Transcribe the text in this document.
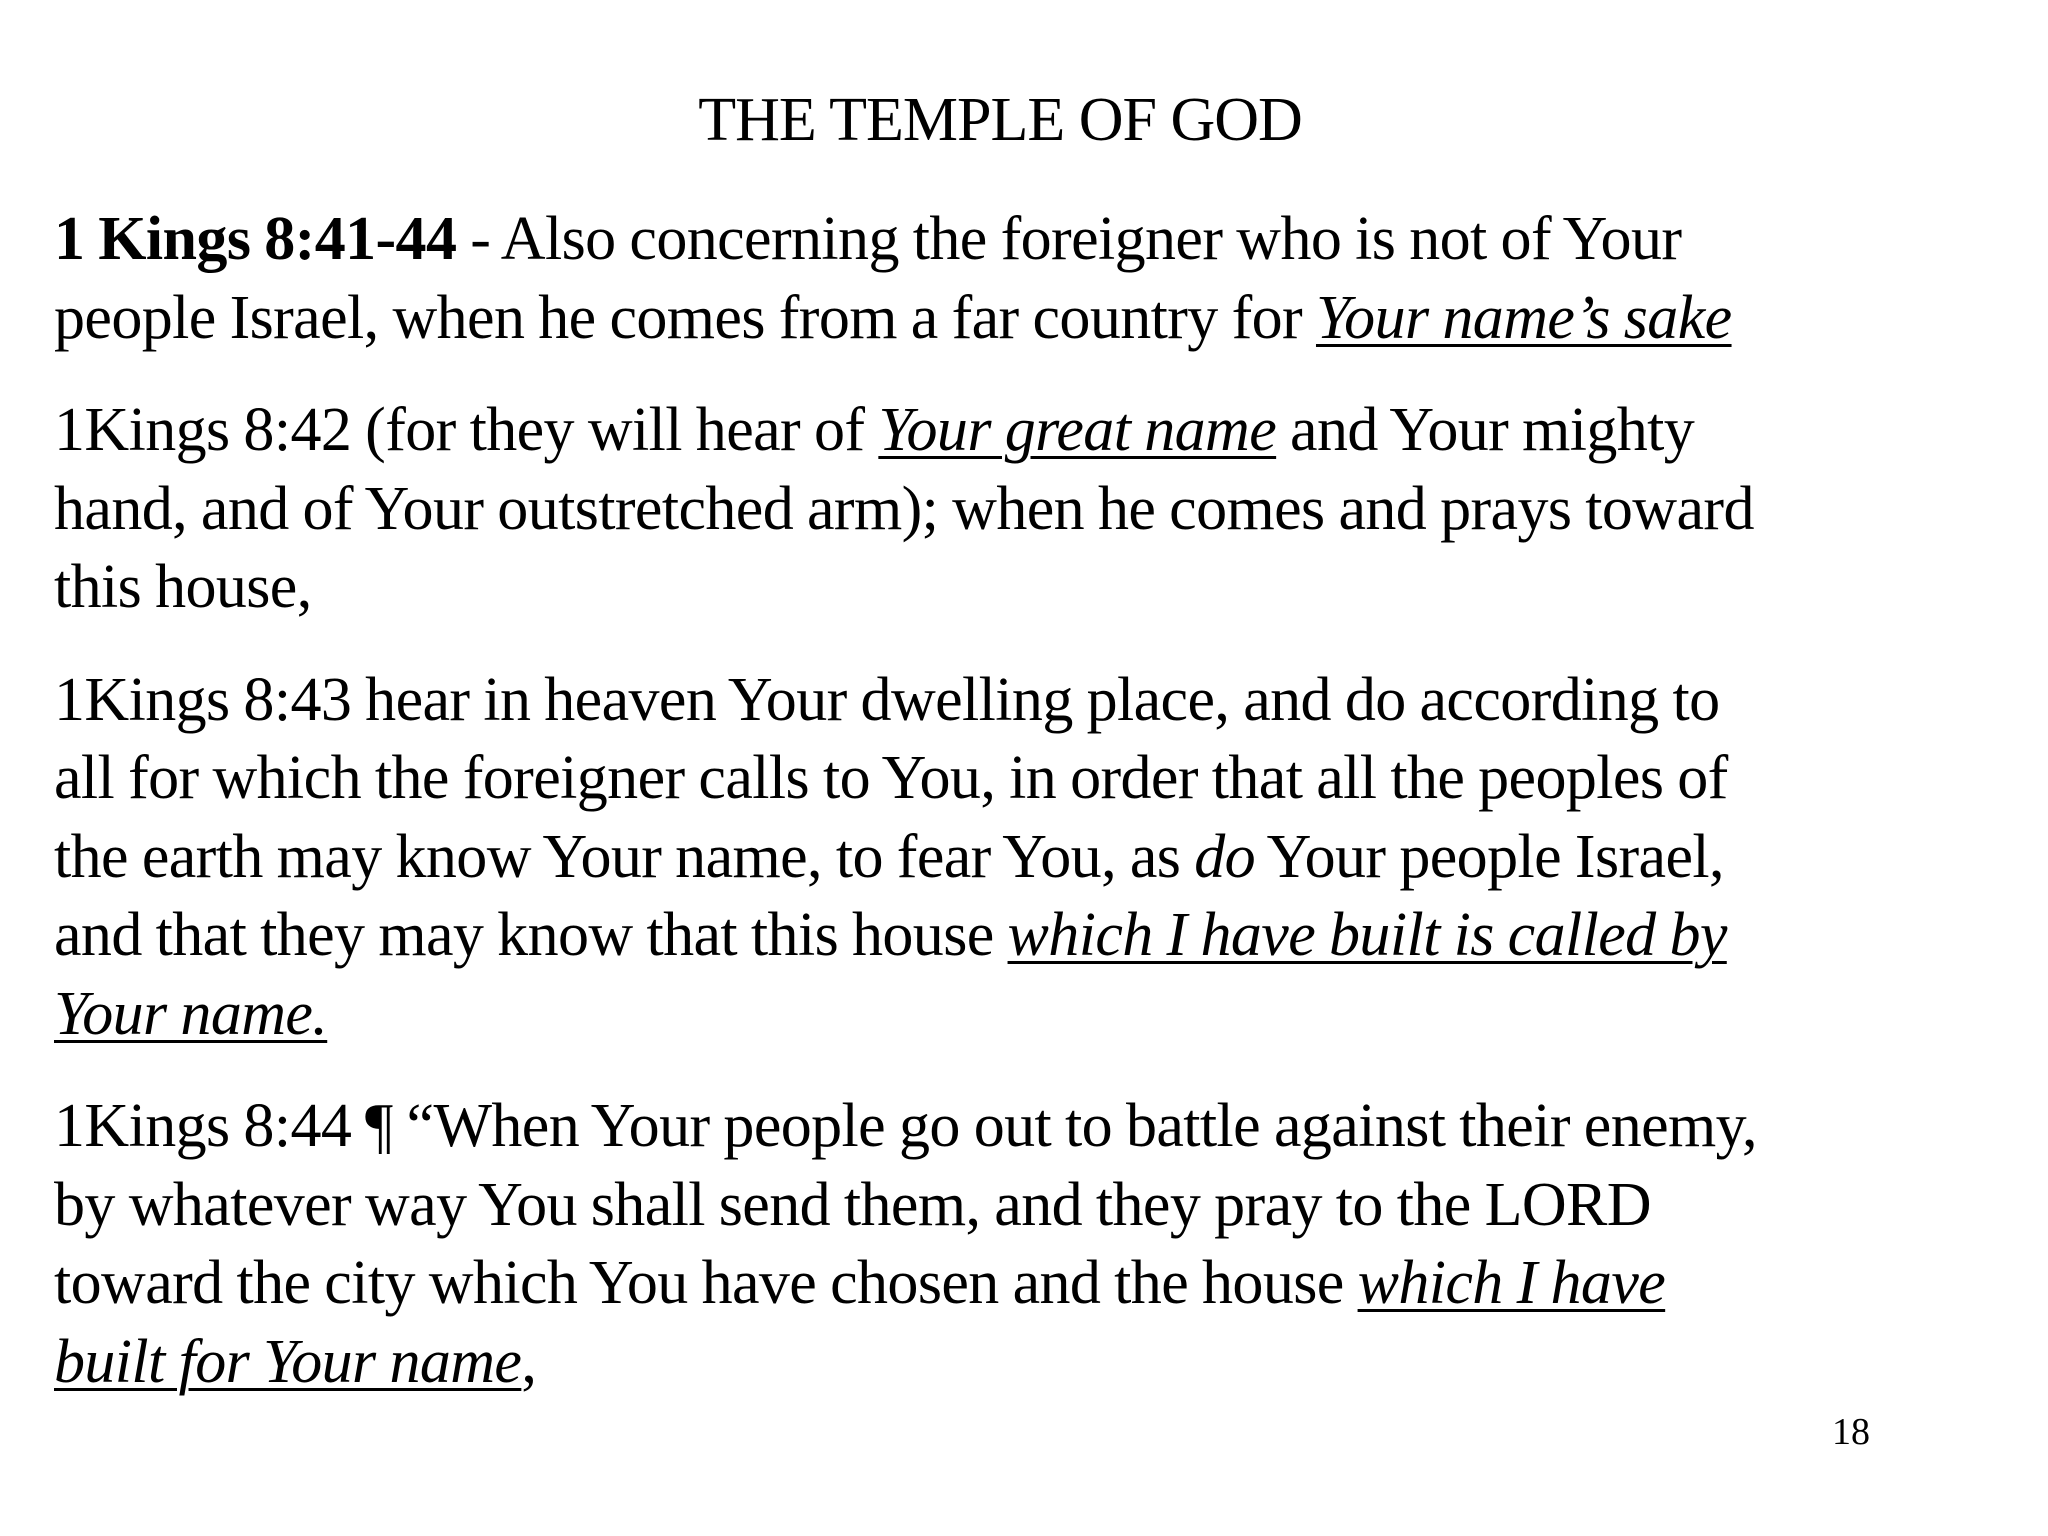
THE TEMPLE OF GOD

1 Kings 8:41-44 - Also concerning the foreigner who is not of Your
people Israel, when he comes from a far country for Your name’s sake

1Kings 8:42 (for they will hear of Your great name and Your mighty
hand, and of Your outstretched arm); when he comes and prays toward
this house,

1Kings 8:43 hear in heaven Your dwelling place, and do according to
all for which the foreigner calls to You, in order that all the peoples of
the earth may know Your name, to fear You, as do Your people Israel,
and that they may know that this house which I have built is called by
Your name.

1Kings 8:44 ¶ “When Your people go out to battle against their enemy,
by whatever way You shall send them, and they pray to the LORD
toward the city which You have chosen and the house which I have
built for Your name,

18
